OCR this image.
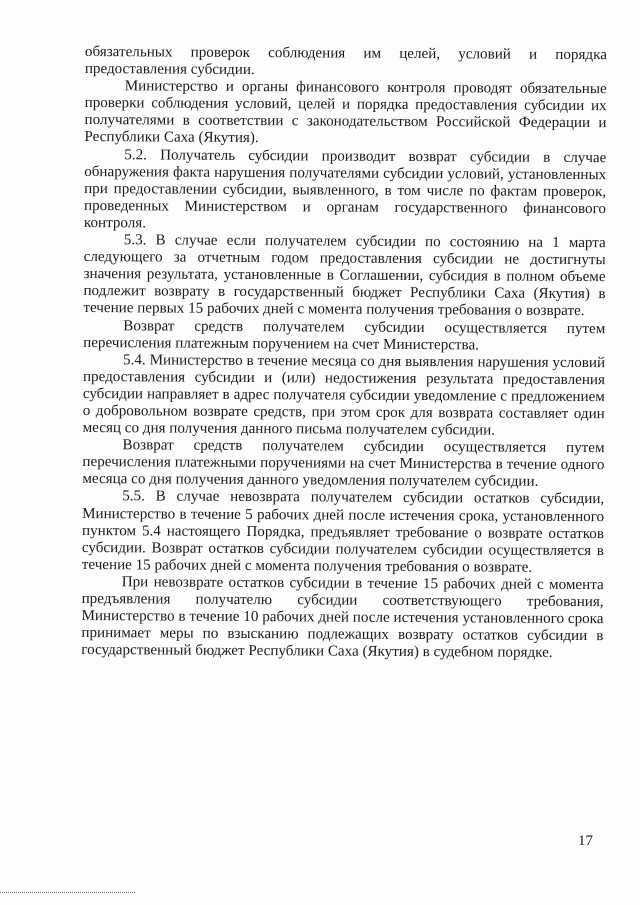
обязательных проверок соблюдения им целей, условий и порядка предоставления субсидии.

Министерство и органы финансового контроля проводят обязательные проверки соблюдения условий, целей и порядка предоставления субсидии их получателями в соответствии с законодательством Российской Федерации и Республики Саха (Якутия).

5.2. Получатель субсидии производит возврат субсидии в случае обнаружения факта нарушения получателями субсидии условий, установленных при предоставлении субсидии, выявленного, в том числе по фактам проверок, проведенных Министерством и органам государственного финансового контроля.

5.3. В случае если получателем субсидии по состоянию на 1 марта следующего за отчетным годом предоставления субсидии не достигнуты значения результата, установленные в Соглашении, субсидия в полном объеме подлежит возврату в государственный бюджет Республики Саха (Якутия) в течение первых 15 рабочих дней с момента получения требования о возврате.

Возврат средств получателем субсидии осуществляется путем перечисления платежным поручением на счет Министерства.

5.4. Министерство в течение месяца со дня выявления нарушения условий предоставления субсидии и (или) недостижения результата предоставления субсидии направляет в адрес получателя субсидии уведомление с предложением о добровольном возврате средств, при этом срок для возврата составляет один месяц со дня получения данного письма получателем субсидии.

Возврат средств получателем субсидии осуществляется путем перечисления платежными поручениями на счет Министерства в течение одного месяца со дня получения данного уведомления получателем субсидии.

5.5. В случае невозврата получателем субсидии остатков субсидии, Министерство в течение 5 рабочих дней после истечения срока, установленного пунктом 5.4 настоящего Порядка, предъявляет требование о возврате остатков субсидии. Возврат остатков субсидии получателем субсидии осуществляется в течение 15 рабочих дней с момента получения требования о возврате.

При невозврате остатков субсидии в течение 15 рабочих дней с момента предъявления получателю субсидии соответствующего требования, Министерство в течение 10 рабочих дней после истечения установленного срока принимает меры по взысканию подлежащих возврату остатков субсидии в государственный бюджет Республики Саха (Якутия) в судебном порядке.

17
